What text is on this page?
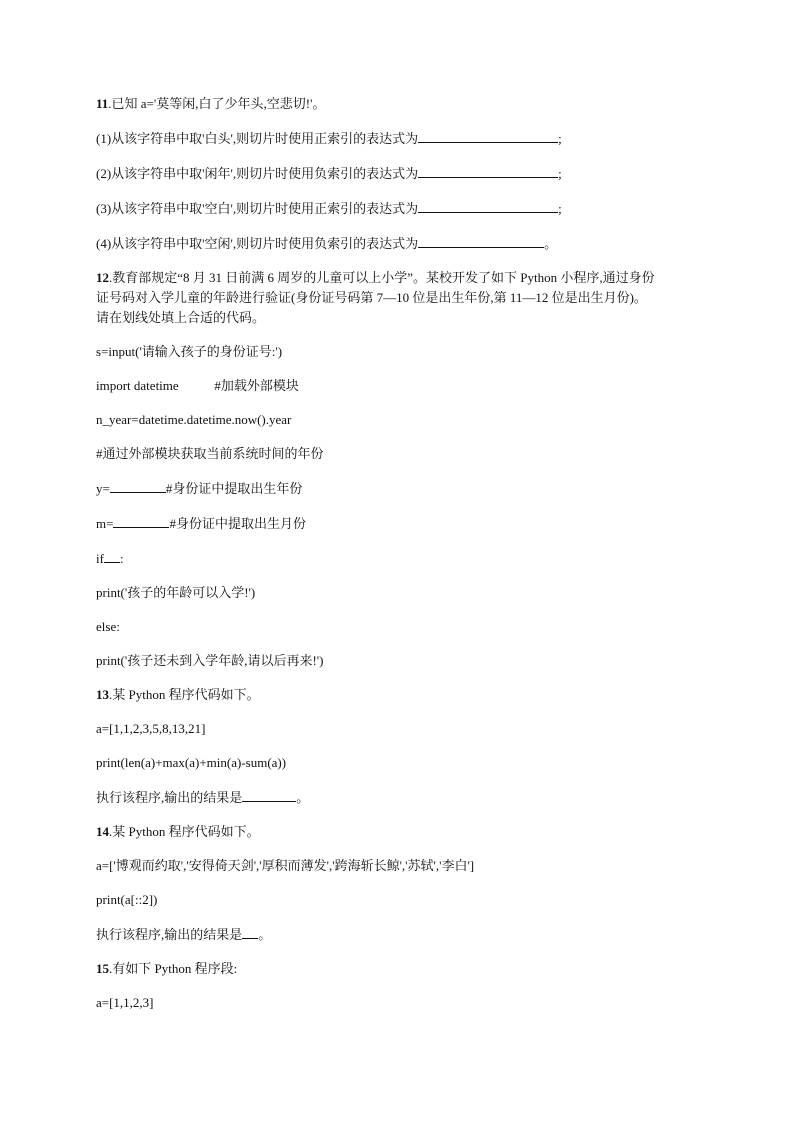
11.已知 a='莫等闲,白了少年头,空悲切!'。

(1)从该字符串中取'白头',则切片时使用正索引的表达式为	;

(2)从该字符串中取'闲年',则切片时使用负索引的表达式为	;

(3)从该字符串中取'空白',则切片时使用正索引的表达式为	;

(4)从该字符串中取'空闲',则切片时使用负索引的表达式为	。

12.教育部规定“8 月 31 日前满 6 周岁的儿童可以上小学”。某校开发了如下 Python 小程序,通过身份
证号码对入学儿童的年龄进行验证(身份证号码第 7—10 位是出生年份,第 11—12 位是出生月份)。
请在划线处填上合适的代码。

s=input('请输入孩子的身份证号:')

import datetime           #加载外部模块

n_year=datetime.datetime.now().year

#通过外部模块获取当前系统时间的年份

y=	#身份证中提取出生年份

m=	#身份证中提取出生月份

if :

print('孩子的年龄可以入学!')

else:

print('孩子还未到入学年龄,请以后再来!')

13.某 Python 程序代码如下。

a=[1,1,2,3,5,8,13,21]

print(len(a)+max(a)+min(a)-sum(a))

执行该程序,输出的结果是	。

14.某 Python 程序代码如下。

a=['博观而约取','安得倚天剑','厚积而薄发','跨海斩长鲸','苏轼','李白']

print(a[::2])

执行该程序,输出的结果是 。

15.有如下 Python 程序段:

a=[1,1,2,3]
